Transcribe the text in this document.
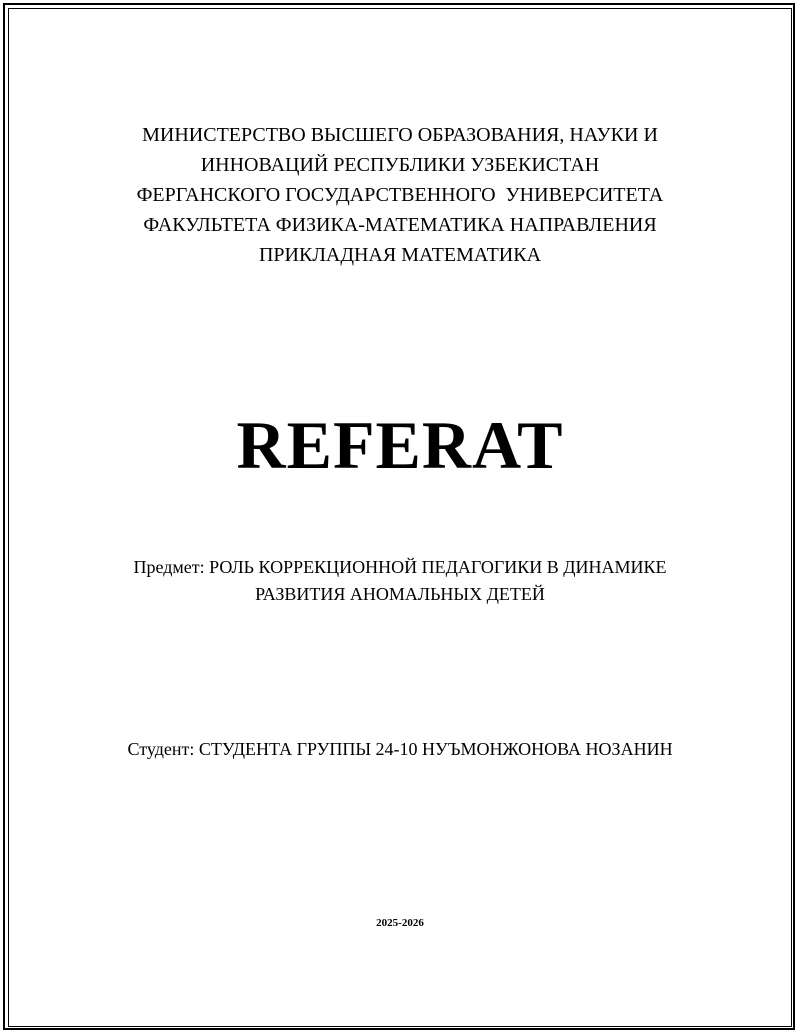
МИНИСТЕРСТВО ВЫСШЕГО ОБРАЗОВАНИЯ, НАУКИ И
ИННОВАЦИЙ РЕСПУБЛИКИ УЗБЕКИСТАН
ФЕРГАНСКОГО ГОСУДАРСТВЕННОГО  УНИВЕРСИТЕТА
ФАКУЛЬТЕТА ФИЗИКА-МАТЕМАТИКА НАПРАВЛЕНИЯ
ПРИКЛАДНАЯ МАТЕМАТИКА
REFERAT
Предмет: РОЛЬ КОРРЕКЦИОННОЙ ПЕДАГОГИКИ В ДИНАМИКЕ
РАЗВИТИЯ АНОМАЛЬНЫХ ДЕТЕЙ
Студент: СТУДЕНТА ГРУППЫ 24-10 НУЪМОНЖОНОВА НОЗАНИН
2025-2026
